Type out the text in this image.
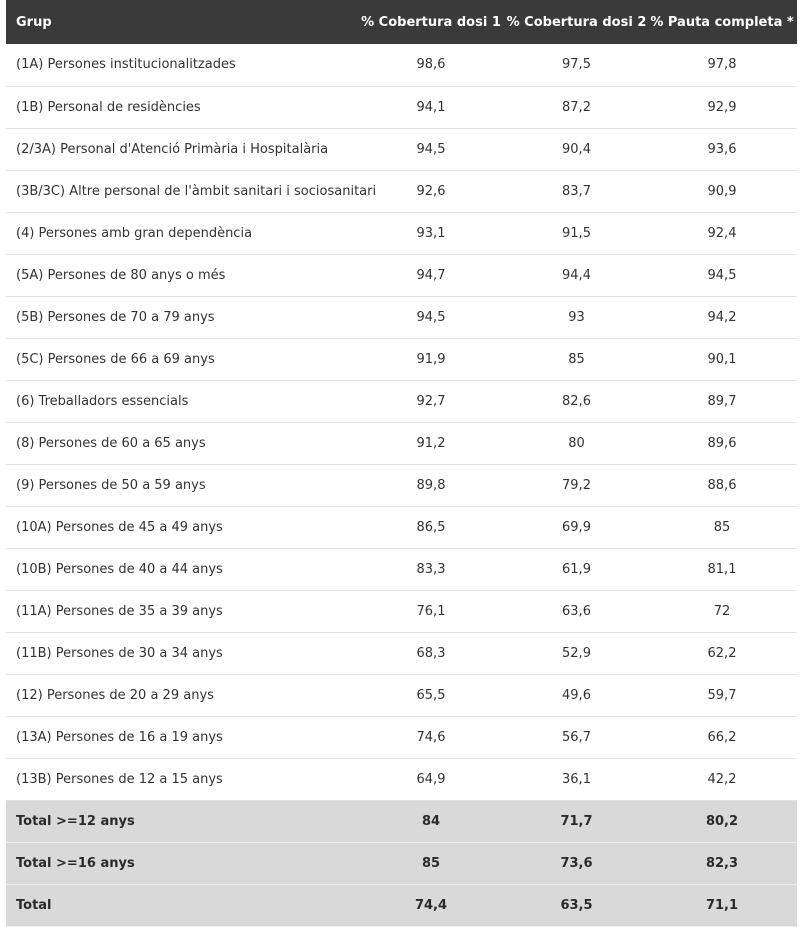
Grup	% Cobertura dosi 1	% Cobertura dosi 2	% Pauta completa *
(1A) Persones institucionalitzades	98,6	97,5	97,8
(1B) Personal de residències	94,1	87,2	92,9
(2/3A) Personal d'Atenció Primària i Hospitalària	94,5	90,4	93,6
(3B/3C) Altre personal de l'àmbit sanitari i sociosanitari	92,6	83,7	90,9
(4) Persones amb gran dependència	93,1	91,5	92,4
(5A) Persones de 80 anys o més	94,7	94,4	94,5
(5B) Persones de 70 a 79 anys	94,5	93	94,2
(5C) Persones de 66 a 69 anys	91,9	85	90,1
(6) Treballadors essencials	92,7	82,6	89,7
(8) Persones de 60 a 65 anys	91,2	80	89,6
(9) Persones de 50 a 59 anys	89,8	79,2	88,6
(10A) Persones de 45 a 49 anys	86,5	69,9	85
(10B) Persones de 40 a 44 anys	83,3	61,9	81,1
(11A) Persones de 35 a 39 anys	76,1	63,6	72
(11B) Persones de 30 a 34 anys	68,3	52,9	62,2
(12) Persones de 20 a 29 anys	65,5	49,6	59,7
(13A) Persones de 16 a 19 anys	74,6	56,7	66,2
(13B) Persones de 12 a 15 anys	64,9	36,1	42,2
Total >=12 anys	84	71,7	80,2
Total >=16 anys	85	73,6	82,3
Total	74,4	63,5	71,1
